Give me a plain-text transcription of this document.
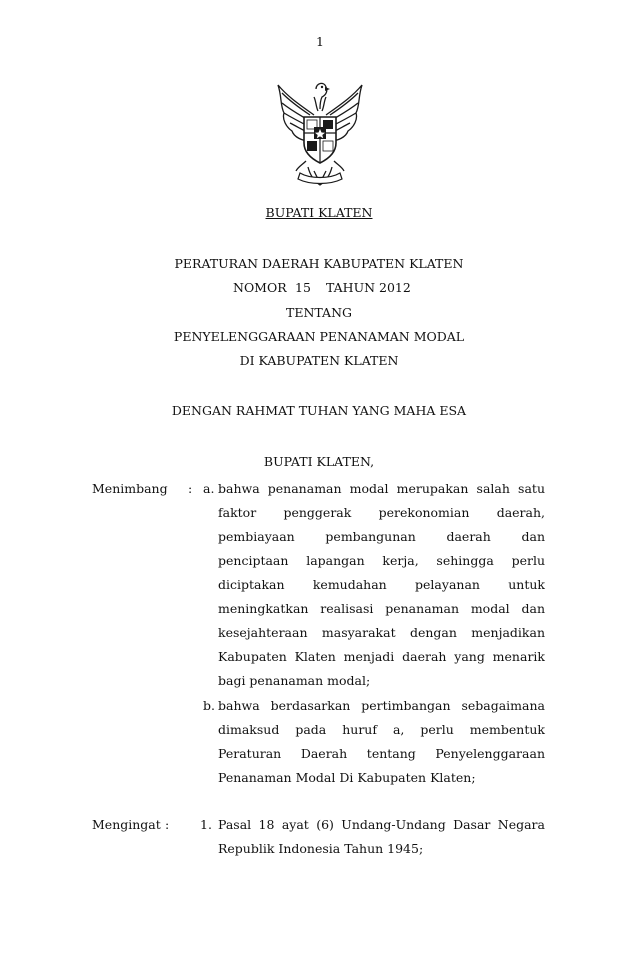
1
BUPATI KLATEN
PERATURAN DAERAH KABUPATEN KLATEN
NOMOR 15 TAHUN 2012
TENTANG
PENYELENGGARAAN PENANAMAN MODAL
DI KABUPATEN KLATEN
DENGAN RAHMAT TUHAN YANG MAHA ESA
BUPATI KLATEN,
Menimbang : a. bahwa penanaman modal merupakan salah satu
faktor penggerak perekonomian daerah,
pembiayaan pembangunan daerah dan
penciptaan lapangan kerja, sehingga perlu
diciptakan kemudahan pelayanan untuk
meningkatkan realisasi penanaman modal dan
kesejahteraan masyarakat dengan menjadikan
Kabupaten Klaten menjadi daerah yang menarik
bagi penanaman modal;
b. bahwa berdasarkan pertimbangan sebagaimana
dimaksud pada huruf a, perlu membentuk
Peraturan Daerah tentang Penyelenggaraan
Penanaman Modal Di Kabupaten Klaten;
Mengingat : 1. Pasal 18 ayat (6) Undang-Undang Dasar Negara
Republik Indonesia Tahun 1945;
